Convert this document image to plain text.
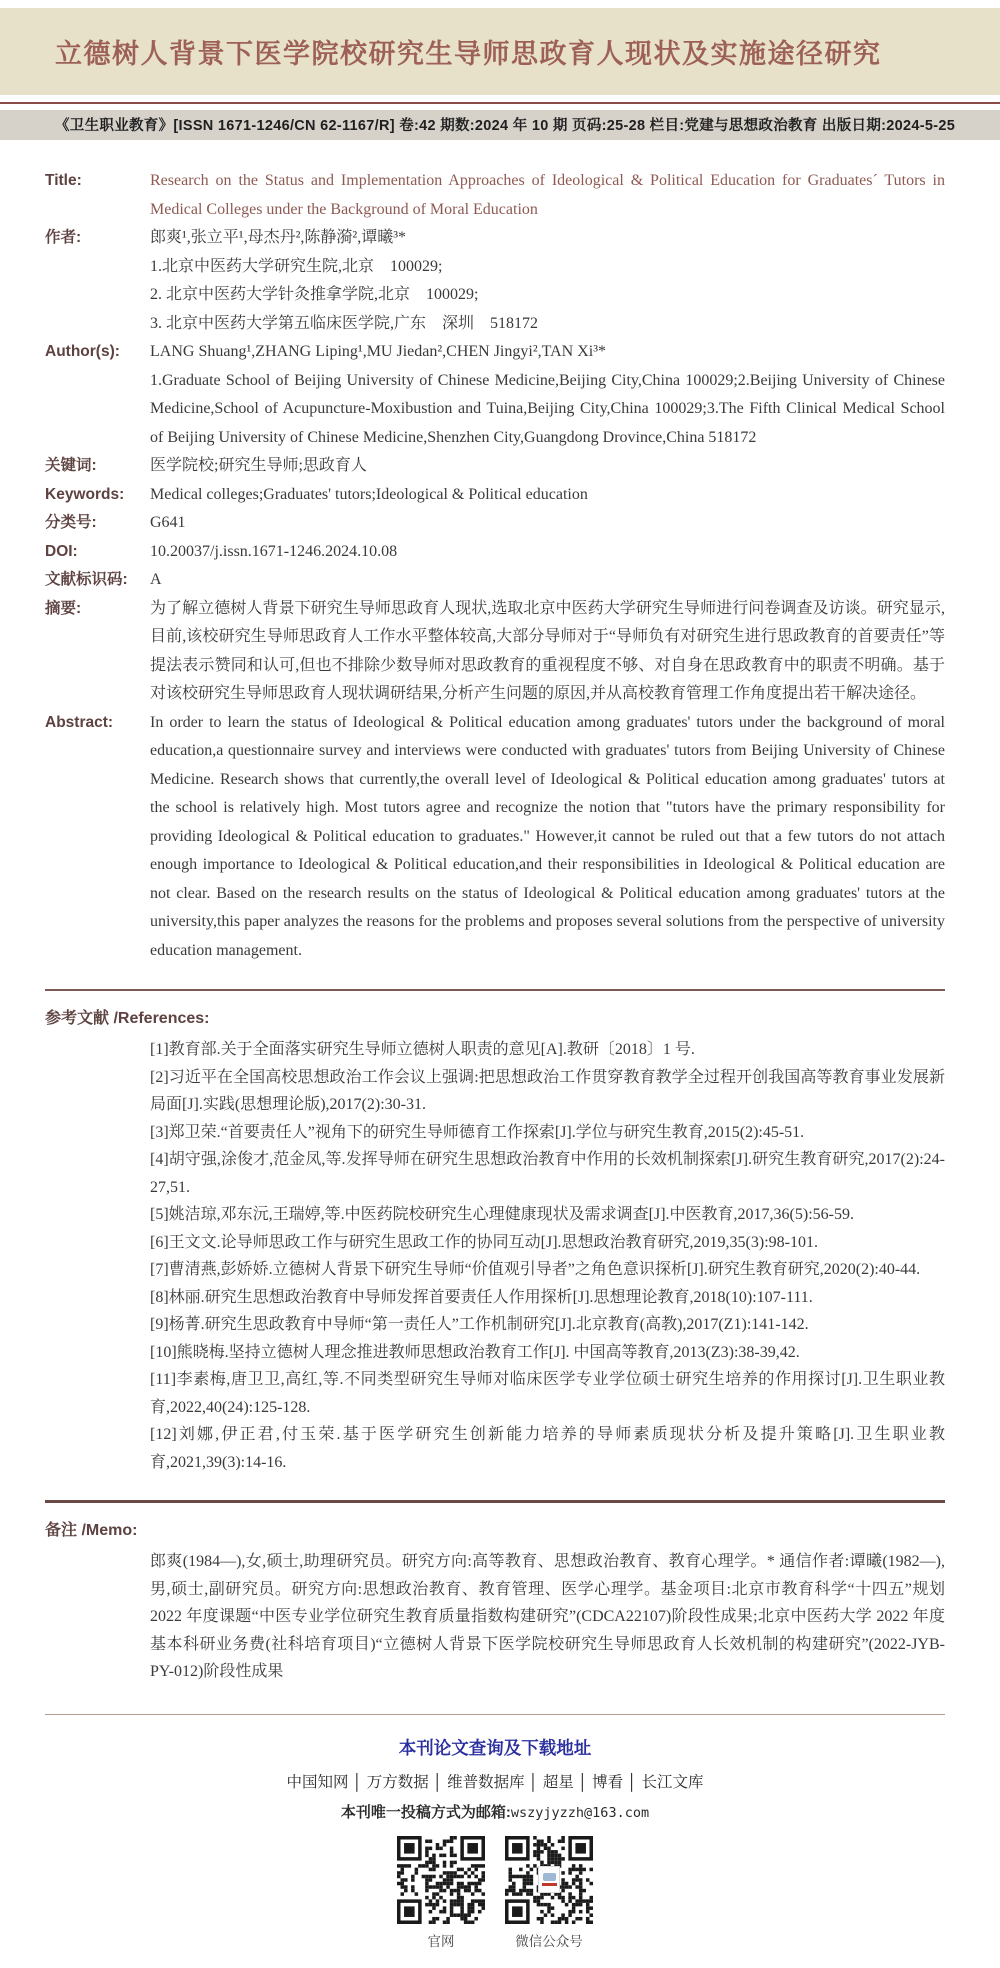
立德树人背景下医学院校研究生导师思政育人现状及实施途径研究
《卫生职业教育》[ISSN 1671-1246/CN 62-1167/R] 卷:42 期数:2024 年 10 期 页码:25-28 栏目:党建与思想政治教育 出版日期:2024-5-25
Title:	Research on the Status and Implementation Approaches of Ideological & Political Education for Graduates´ Tutors in Medical Colleges under the Background of Moral Education
作者:	郎爽¹,张立平¹,母杰丹²,陈静漪²,谭曦³*

1.北京中医药大学研究生院,北京　100029;

2. 北京中医药大学针灸推拿学院,北京　100029;

3. 北京中医药大学第五临床医学院,广东　深圳　518172

Author(s):	LANG Shuang¹,ZHANG Liping¹,MU Jiedan²,CHEN Jingyi²,TAN Xi³*

1.Graduate School of Beijing University of Chinese Medicine,Beijing City,China 100029;2.Beijing University of Chinese Medicine,School of Acupuncture-Moxibustion and Tuina,Beijing City,China 100029;3.The Fifth Clinical Medical School of Beijing University of Chinese Medicine,Shenzhen City,Guangdong Drovince,China 518172

关键词:	医学院校;研究生导师;思政育人
Keywords:	Medical colleges;Graduates' tutors;Ideological & Political education
分类号:	G641
DOI:	10.20037/j.issn.1671-1246.2024.10.08
文献标识码:	A
摘要:	为了解立德树人背景下研究生导师思政育人现状,选取北京中医药大学研究生导师进行问卷调查及访谈。研究显示,目前,该校研究生导师思政育人工作水平整体较高,大部分导师对于“导师负有对研究生进行思政教育的首要责任”等提法表示赞同和认可,但也不排除少数导师对思政教育的重视程度不够、对自身在思政教育中的职责不明确。基于对该校研究生导师思政育人现状调研结果,分析产生问题的原因,并从高校教育管理工作角度提出若干解决途径。
Abstract:	In order to learn the status of Ideological & Political education among graduates' tutors under the background of moral education,a questionnaire survey and interviews were conducted with graduates' tutors from Beijing University of Chinese Medicine. Research shows that currently,the overall level of Ideological & Political education among graduates' tutors at the school is relatively high. Most tutors agree and recognize the notion that "tutors have the primary responsibility for providing Ideological & Political education to graduates." However,it cannot be ruled out that a few tutors do not attach enough importance to Ideological & Political education,and their responsibilities in Ideological & Political education are not clear. Based on the research results on the status of Ideological & Political education among graduates' tutors at the university,this paper analyzes the reasons for the problems and proposes several solutions from the perspective of university education management.
参考文献 /References:

[1]教育部.关于全面落实研究生导师立德树人职责的意见[A].教研〔2018〕1 号.

[2]习近平在全国高校思想政治工作会议上强调:把思想政治工作贯穿教育教学全过程开创我国高等教育事业发展新局面[J].实践(思想理论版),2017(2):30-31.

[3]郑卫荣.“首要责任人”视角下的研究生导师德育工作探索[J].学位与研究生教育,2015(2):45-51.

[4]胡守强,涂俊才,范金凤,等.发挥导师在研究生思想政治教育中作用的长效机制探索[J].研究生教育研究,2017(2):24-27,51.

[5]姚洁琼,邓东沅,王瑞婷,等.中医药院校研究生心理健康现状及需求调查[J].中医教育,2017,36(5):56-59.

[6]王文文.论导师思政工作与研究生思政工作的协同互动[J].思想政治教育研究,2019,35(3):98-101.

[7]曹清燕,彭娇娇.立德树人背景下研究生导师“价值观引导者”之角色意识探析[J].研究生教育研究,2020(2):40-44.

[8]林丽.研究生思想政治教育中导师发挥首要责任人作用探析[J].思想理论教育,2018(10):107-111.

[9]杨菁.研究生思政教育中导师“第一责任人”工作机制研究[J].北京教育(高教),2017(Z1):141-142.

[10]熊晓梅.坚持立德树人理念推进教师思想政治教育工作[J]. 中国高等教育,2013(Z3):38-39,42.

[11]李素梅,唐卫卫,高红,等.不同类型研究生导师对临床医学专业学位硕士研究生培养的作用探讨[J].卫生职业教育,2022,40(24):125-128.

[12]刘娜,伊正君,付玉荣.基于医学研究生创新能力培养的导师素质现状分析及提升策略[J].卫生职业教育,2021,39(3):14-16.

备注 /Memo:

郎爽(1984—),女,硕士,助理研究员。研究方向:高等教育、思想政治教育、教育心理学。* 通信作者:谭曦(1982—),男,硕士,副研究员。研究方向:思想政治教育、教育管理、医学心理学。基金项目:北京市教育科学“十四五”规划 2022 年度课题“中医专业学位研究生教育质量指数构建研究”(CDCA22107)阶段性成果;北京中医药大学 2022 年度基本科研业务费(社科培育项目)“立德树人背景下医学院校研究生导师思政育人长效机制的构建研究”(2022-JYB-PY-012)阶段性成果

本刊论文查询及下载地址
中国知网 │ 万方数据 │ 维普数据库 │ 超星 │ 博看 │ 长江文库
本刊唯一投稿方式为邮箱:wszyjyzzh@163.com
官网	微信公众号
